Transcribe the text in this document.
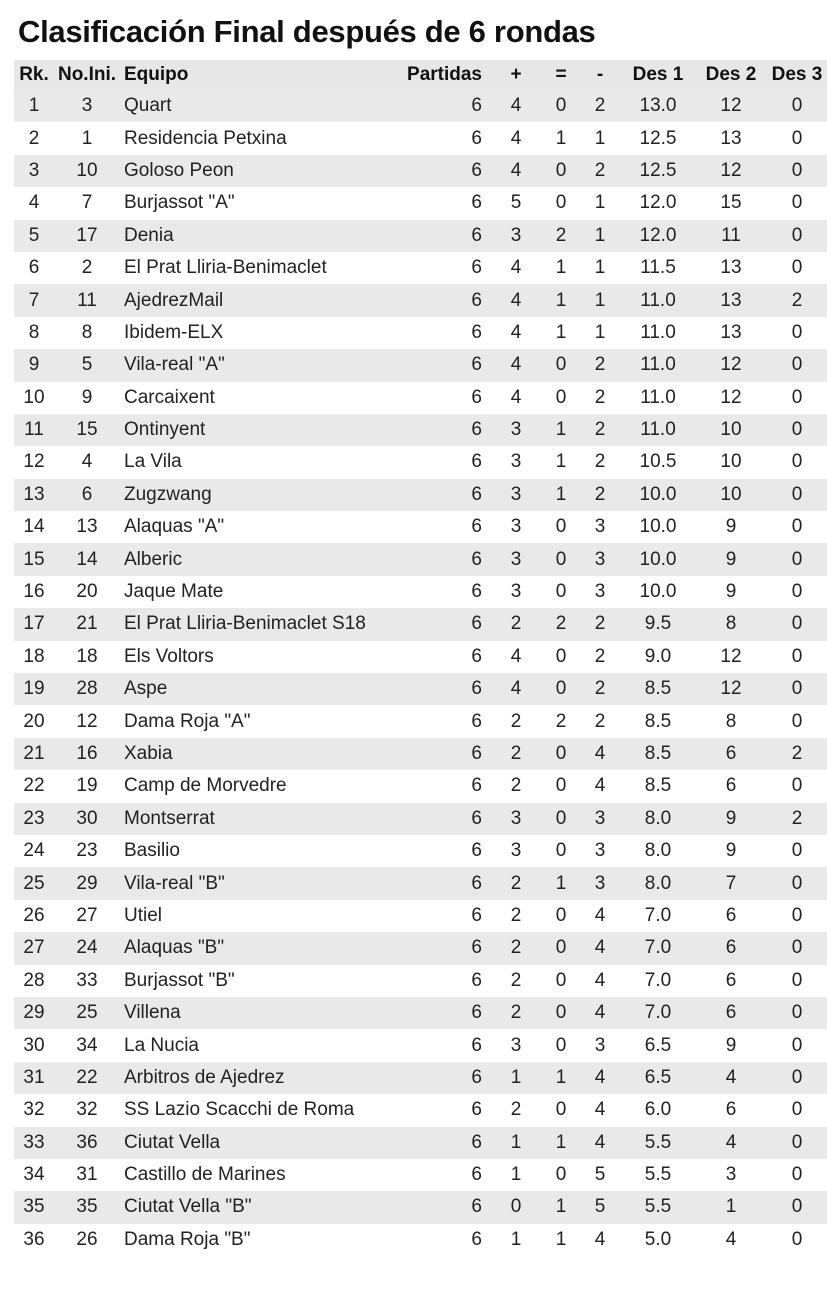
Clasificación Final después de 6 rondas
Rk.	No.Ini.	Equipo	Partidas	+	=	-	Des 1	Des 2	Des 3
1	3	Quart	6	4	0	2	13.0	12	0
2	1	Residencia Petxina	6	4	1	1	12.5	13	0
3	10	Goloso Peon	6	4	0	2	12.5	12	0
4	7	Burjassot "A"	6	5	0	1	12.0	15	0
5	17	Denia	6	3	2	1	12.0	11	0
6	2	El Prat Lliria-Benimaclet	6	4	1	1	11.5	13	0
7	11	AjedrezMail	6	4	1	1	11.0	13	2
8	8	Ibidem-ELX	6	4	1	1	11.0	13	0
9	5	Vila-real "A"	6	4	0	2	11.0	12	0
10	9	Carcaixent	6	4	0	2	11.0	12	0
11	15	Ontinyent	6	3	1	2	11.0	10	0
12	4	La Vila	6	3	1	2	10.5	10	0
13	6	Zugzwang	6	3	1	2	10.0	10	0
14	13	Alaquas "A"	6	3	0	3	10.0	9	0
15	14	Alberic	6	3	0	3	10.0	9	0
16	20	Jaque Mate	6	3	0	3	10.0	9	0
17	21	El Prat Lliria-Benimaclet S18	6	2	2	2	9.5	8	0
18	18	Els Voltors	6	4	0	2	9.0	12	0
19	28	Aspe	6	4	0	2	8.5	12	0
20	12	Dama Roja "A"	6	2	2	2	8.5	8	0
21	16	Xabia	6	2	0	4	8.5	6	2
22	19	Camp de Morvedre	6	2	0	4	8.5	6	0
23	30	Montserrat	6	3	0	3	8.0	9	2
24	23	Basilio	6	3	0	3	8.0	9	0
25	29	Vila-real "B"	6	2	1	3	8.0	7	0
26	27	Utiel	6	2	0	4	7.0	6	0
27	24	Alaquas "B"	6	2	0	4	7.0	6	0
28	33	Burjassot "B"	6	2	0	4	7.0	6	0
29	25	Villena	6	2	0	4	7.0	6	0
30	34	La Nucia	6	3	0	3	6.5	9	0
31	22	Arbitros de Ajedrez	6	1	1	4	6.5	4	0
32	32	SS Lazio Scacchi de Roma	6	2	0	4	6.0	6	0
33	36	Ciutat Vella	6	1	1	4	5.5	4	0
34	31	Castillo de Marines	6	1	0	5	5.5	3	0
35	35	Ciutat Vella "B"	6	0	1	5	5.5	1	0
36	26	Dama Roja "B"	6	1	1	4	5.0	4	0
